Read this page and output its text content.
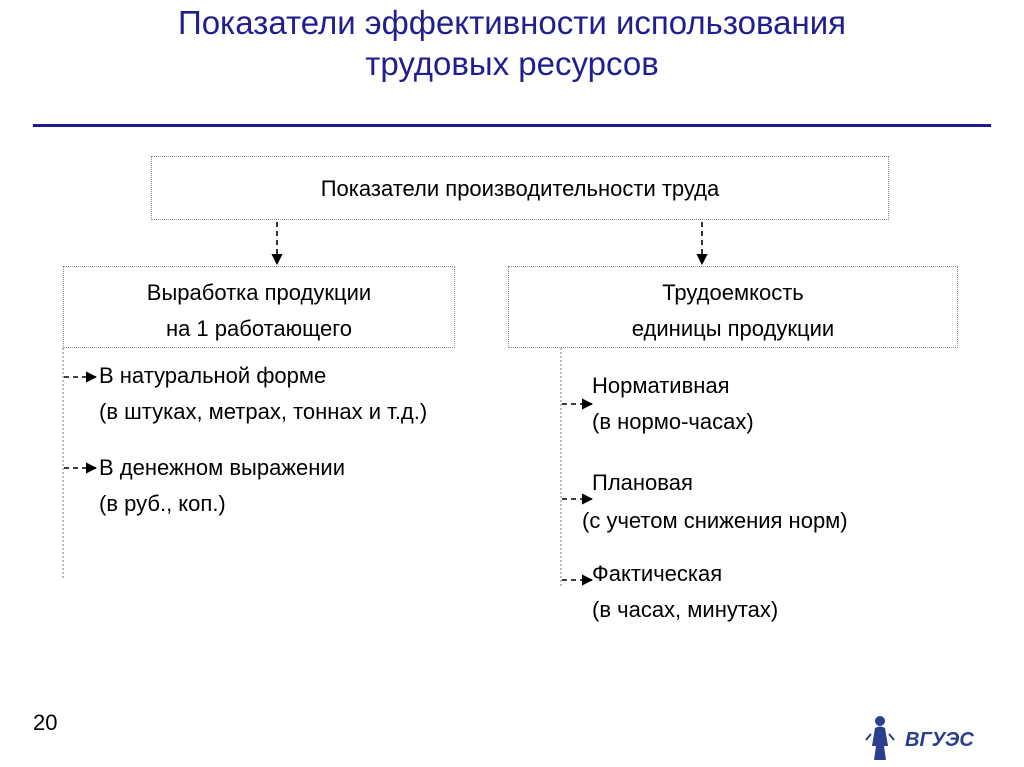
Показатели эффективности использования
трудовых ресурсов
Показатели производительности труда
Выработка продукции
на 1 работающего
Трудоемкость
единицы продукции
В натуральной форме
(в штуках, метрах, тоннах и т.д.)
В денежном выражении
(в руб., коп.)
Нормативная
(в нормо-часах)
Плановая
(с учетом снижения норм)
Фактическая
(в часах, минутах)
20
ВГУЭС
